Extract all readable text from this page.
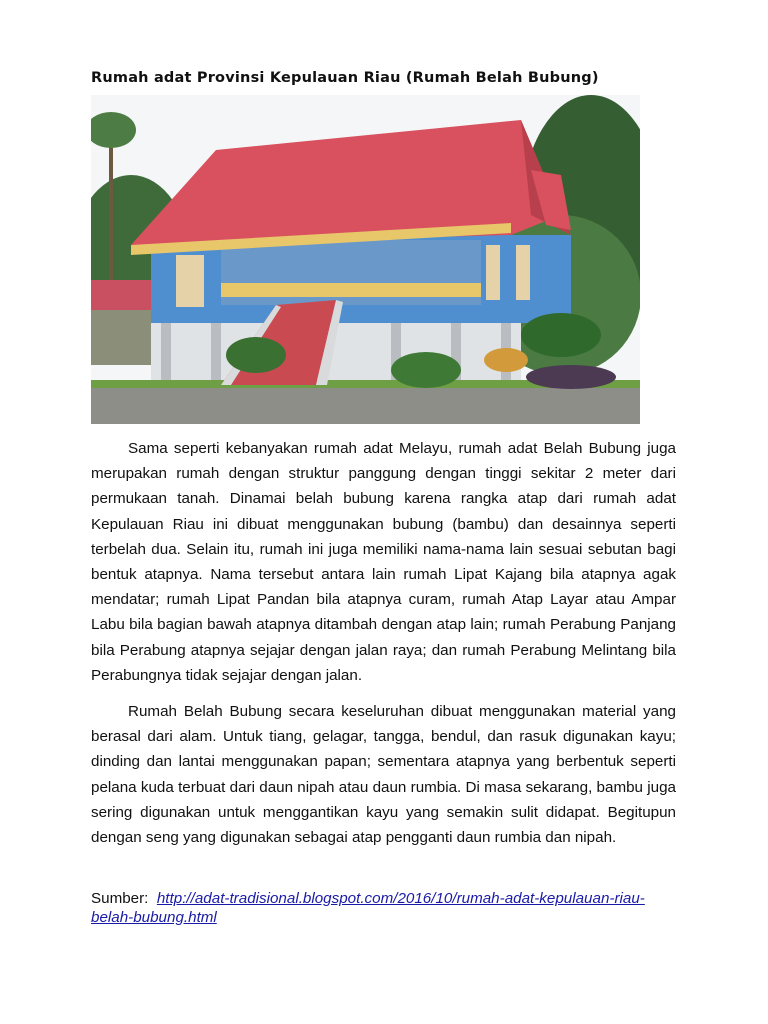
Rumah adat Provinsi Kepulauan Riau (Rumah Belah Bubung)

Sama seperti kebanyakan rumah adat Melayu, rumah adat Belah Bubung juga merupakan rumah dengan struktur panggung dengan tinggi sekitar 2 meter dari permukaan tanah. Dinamai belah bubung karena rangka atap dari rumah adat Kepulauan Riau ini dibuat menggunakan bubung (bambu) dan desainnya seperti terbelah dua. Selain itu, rumah ini juga memiliki nama-nama lain sesuai sebutan bagi bentuk atapnya. Nama tersebut antara lain rumah Lipat Kajang bila atapnya agak mendatar; rumah Lipat Pandan bila atapnya curam, rumah Atap Layar atau Ampar Labu bila bagian bawah atapnya ditambah dengan atap lain; rumah Perabung Panjang bila Perabung atapnya sejajar dengan jalan raya; dan rumah Perabung Melintang bila Perabungnya tidak sejajar dengan jalan.

Rumah Belah Bubung secara keseluruhan dibuat menggunakan material yang berasal dari alam. Untuk tiang, gelagar, tangga, bendul, dan rasuk digunakan kayu; dinding dan lantai menggunakan papan; sementara atapnya yang berbentuk seperti pelana kuda terbuat dari daun nipah atau daun rumbia. Di masa sekarang, bambu juga sering digunakan untuk menggantikan kayu yang semakin sulit didapat. Begitupun dengan seng yang digunakan sebagai atap pengganti daun rumbia dan nipah.

Sumber: http://adat-tradisional.blogspot.com/2016/10/rumah-adat-kepulauan-riau-
belah-bubung.html
